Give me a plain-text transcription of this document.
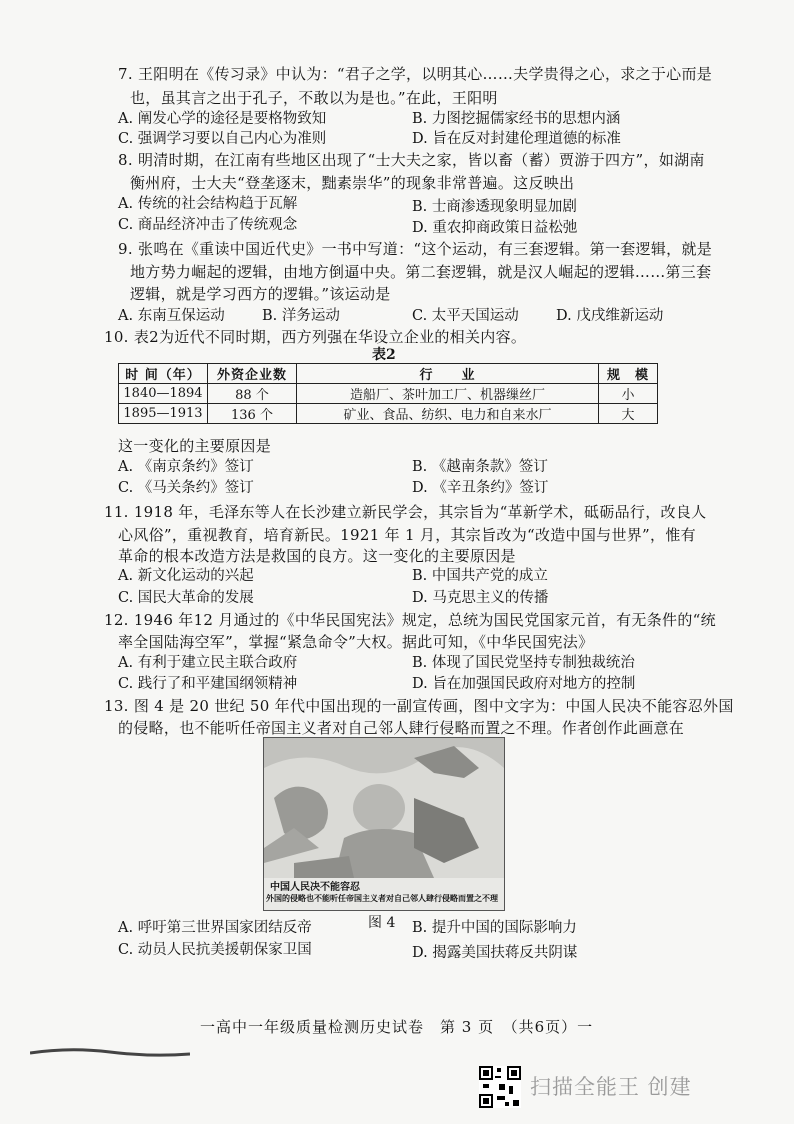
7. 王阳明在《传习录》中认为：“君子之学，以明其心……夫学贵得之心，求之于心而是
也，虽其言之出于孔子，不敢以为是也。”在此，王阳明
A. 阐发心学的途径是要格物致知	B. 力图挖掘儒家经书的思想内涵
C. 强调学习要以自己内心为准则	D. 旨在反对封建伦理道德的标准
8. 明清时期，在江南有些地区出现了“士大夫之家，皆以畜（蓄）贾游于四方”，如湖南
衡州府，士大夫“登垄逐末，黜素崇华”的现象非常普遍。这反映出
A. 传统的社会结构趋于瓦解	B. 士商渗透现象明显加剧
C. 商品经济冲击了传统观念	D. 重农抑商政策日益松弛
9. 张鸣在《重读中国近代史》一书中写道：“这个运动，有三套逻辑。第一套逻辑，就是
地方势力崛起的逻辑，由地方倒逼中央。第二套逻辑，就是汉人崛起的逻辑……第三套
逻辑，就是学习西方的逻辑。”该运动是
A. 东南互保运动	B. 洋务运动	C. 太平天国运动	D. 戊戌维新运动
10. 表2为近代不同时期，西方列强在华设立企业的相关内容。
表2
时 间（年）	外资企业数	行　　业	规　模
1840—1894	88 个	造船厂、茶叶加工厂、机器缫丝厂	小
1895—1913	136 个	矿业、食品、纺织、电力和自来水厂	大
这一变化的主要原因是
A. 《南京条约》签订	B. 《越南条款》签订
C. 《马关条约》签订	D. 《辛丑条约》签订
11. 1918 年，毛泽东等人在长沙建立新民学会，其宗旨为“革新学术，砥砺品行，改良人
心风俗”，重视教育，培育新民。1921 年 1 月，其宗旨改为“改造中国与世界”，惟有
革命的根本改造方法是救国的良方。这一变化的主要原因是
A. 新文化运动的兴起	B. 中国共产党的成立
C. 国民大革命的发展	D. 马克思主义的传播
12. 1946 年12 月通过的《中华民国宪法》规定，总统为国民党国家元首，有无条件的“统
率全国陆海空军”，掌握“紧急命令”大权。据此可知，《中华民国宪法》
A. 有利于建立民主联合政府	B. 体现了国民党坚持专制独裁统治
C. 践行了和平建国纲领精神	D. 旨在加强国民政府对地方的控制
13. 图 4 是 20 世纪 50 年代中国出现的一副宣传画，图中文字为：中国人民决不能容忍外国
的侵略，也不能听任帝国主义者对自己邻人肆行侵略而置之不理。作者创作此画意在
中国人民决不能容忍
外国的侵略也不能听任帝国主义者对自己邻人肆行侵略而置之不理
图 4
A. 呼吁第三世界国家团结反帝	B. 提升中国的国际影响力
C. 动员人民抗美援朝保家卫国	D. 揭露美国扶蒋反共阴谋
一高中一年级质量检测历史试卷　第 3 页　（共6页）一
扫描全能王 创建
